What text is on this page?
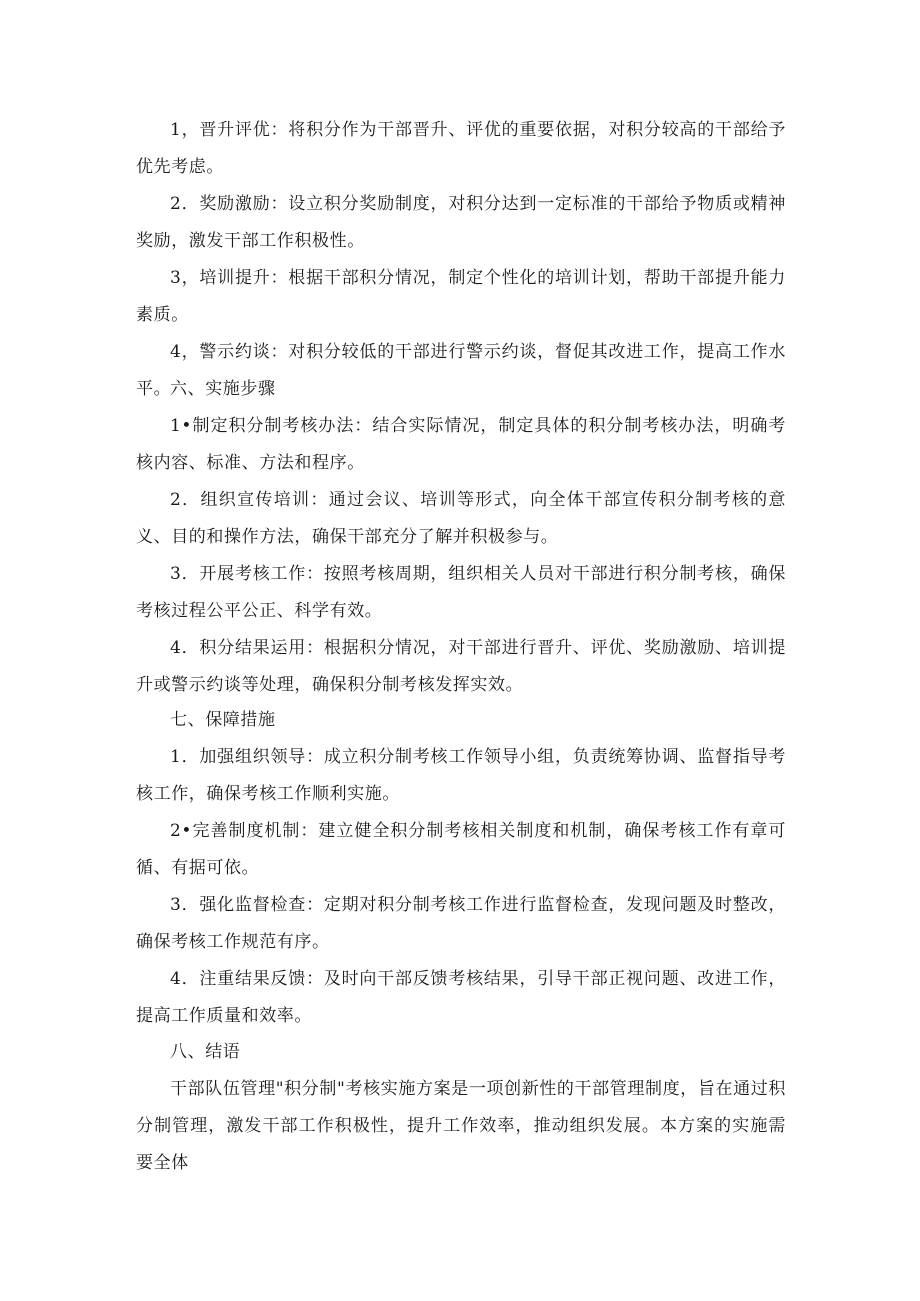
1，晋升评优：将积分作为干部晋升、评优的重要依据，对积分较高的干部给予优先考虑。

2．奖励激励：设立积分奖励制度，对积分达到一定标准的干部给予物质或精神奖励，激发干部工作积极性。

3，培训提升：根据干部积分情况，制定个性化的培训计划，帮助干部提升能力素质。

4，警示约谈：对积分较低的干部进行警示约谈，督促其改进工作，提高工作水平。

六、实施步骤

1•制定积分制考核办法：结合实际情况，制定具体的积分制考核办法，明确考核内容、标准、方法和程序。

2．组织宣传培训：通过会议、培训等形式，向全体干部宣传积分制考核的意义、目的和操作方法，确保干部充分了解并积极参与。

3．开展考核工作：按照考核周期，组织相关人员对干部进行积分制考核，确保考核过程公平公正、科学有效。

4．积分结果运用：根据积分情况，对干部进行晋升、评优、奖励激励、培训提升或警示约谈等处理，确保积分制考核发挥实效。

七、保障措施

1．加强组织领导：成立积分制考核工作领导小组，负责统筹协调、监督指导考核工作，确保考核工作顺利实施。

2•完善制度机制：建立健全积分制考核相关制度和机制，确保考核工作有章可循、有据可依。

3．强化监督检查：定期对积分制考核工作进行监督检查，发现问题及时整改，确保考核工作规范有序。

4．注重结果反馈：及时向干部反馈考核结果，引导干部正视问题、改进工作，提高工作质量和效率。

八、结语

干部队伍管理"积分制"考核实施方案是一项创新性的干部管理制度，旨在通过积分制管理，激发干部工作积极性，提升工作效率，推动组织发展。本方案的实施需要全体
